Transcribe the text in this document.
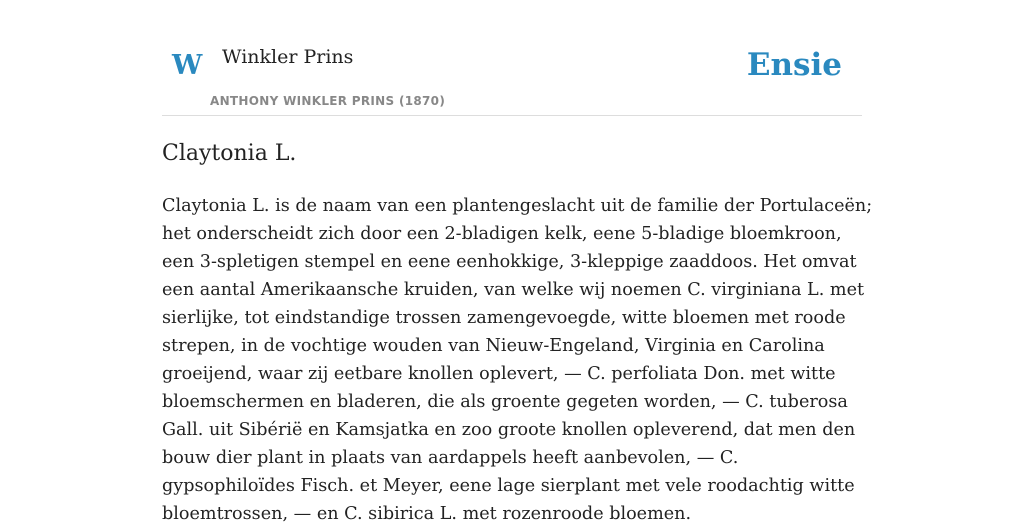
W Winkler Prins
ANTHONY WINKLER PRINS (1870)
Ensie
Claytonia L.

Claytonia L. is de naam van een plantengeslacht uit de familie der Portulaceën; het onderscheidt zich door een 2-bladigen kelk, eene 5-bladige bloemkroon, een 3-spletigen stempel en eene eenhokkige, 3-kleppige zaaddoos. Het omvat een aantal Amerikaansche kruiden, van welke wij noemen C. virginiana L. met sierlijke, tot eindstandige trossen zamengevoegde, witte bloemen met roode strepen, in de vochtige wouden van Nieuw-Engeland, Virginia en Carolina groeijend, waar zij eetbare knollen oplevert, — C. perfoliata Don. met witte bloemschermen en bladeren, die als groente gegeten worden, — C. tuberosa Gall. uit Sibérië en Kamsjatka en zoo groote knollen opleverend, dat men den bouw dier plant in plaats van aardappels heeft aanbevolen, — C. gypsophiloïdes Fisch. et Meyer, eene lage sierplant met vele roodachtig witte bloemtrossen, — en C. sibirica L. met rozenroode bloemen.
